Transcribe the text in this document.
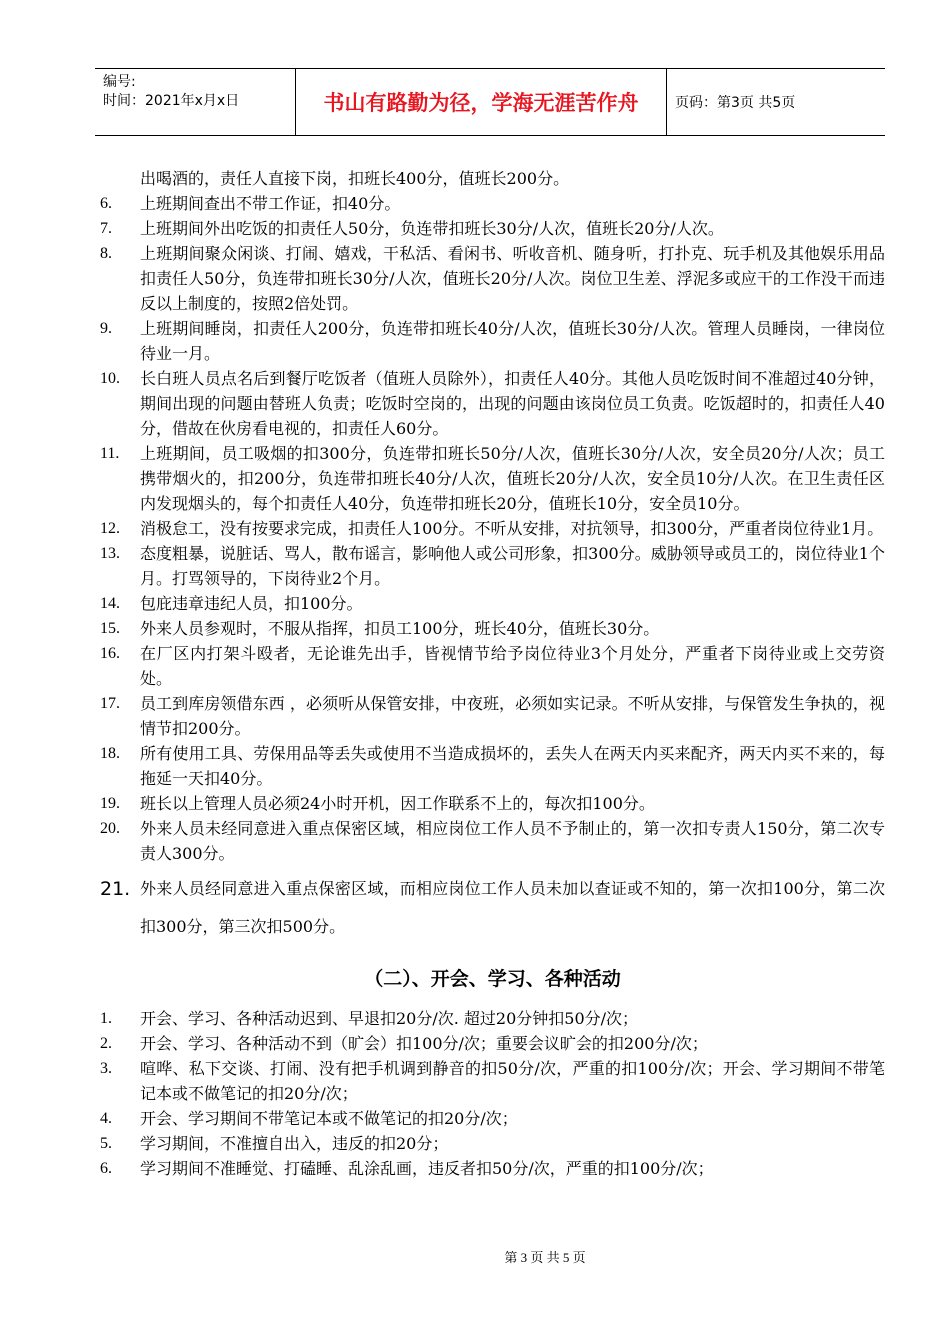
编号:
时间：2021年x月x日	书山有路勤为径，学海无涯苦作舟	页码：第3页 共5页
出喝酒的，责任人直接下岗，扣班长400分，值班长200分。
6.	上班期间查出不带工作证，扣40分。
7.	上班期间外出吃饭的扣责任人50分，负连带扣班长30分/人次，值班长20分/人次。
8.	上班期间聚众闲谈、打闹、嬉戏，干私活、看闲书、听收音机、随身听，打扑克、玩手机及其他娱乐用品扣责任人50分，负连带扣班长30分/人次，值班长20分/人次。岗位卫生差、浮泥多或应干的工作没干而违反以上制度的，按照2倍处罚。
9.	上班期间睡岗，扣责任人200分，负连带扣班长40分/人次，值班长30分/人次。管理人员睡岗，一律岗位待业一月。
10.	长白班人员点名后到餐厅吃饭者（值班人员除外），扣责任人40分。其他人员吃饭时间不准超过40分钟，期间出现的问题由替班人负责；吃饭时空岗的，出现的问题由该岗位员工负责。吃饭超时的，扣责任人40分，借故在伙房看电视的，扣责任人60分。
11.	上班期间，员工吸烟的扣300分，负连带扣班长50分/人次，值班长30分/人次，安全员20分/人次；员工携带烟火的，扣200分，负连带扣班长40分/人次，值班长20分/人次，安全员10分/人次。在卫生责任区内发现烟头的，每个扣责任人40分，负连带扣班长20分，值班长10分，安全员10分。
12.	消极怠工，没有按要求完成，扣责任人100分。不听从安排，对抗领导，扣300分，严重者岗位待业1月。
13.	态度粗暴，说脏话、骂人，散布谣言，影响他人或公司形象，扣300分。威胁领导或员工的，岗位待业1个月。打骂领导的，下岗待业2个月。
14.	包庇违章违纪人员，扣100分。
15.	外来人员参观时，不服从指挥，扣员工100分，班长40分，值班长30分。
16.	在厂区内打架斗殴者，无论谁先出手，皆视情节给予岗位待业3个月处分，严重者下岗待业或上交劳资处。
17.	员工到库房领借东西 ，必须听从保管安排，中夜班，必须如实记录。不听从安排，与保管发生争执的，视情节扣200分。
18.	所有使用工具、劳保用品等丢失或使用不当造成损坏的，丢失人在两天内买来配齐，两天内买不来的，每拖延一天扣40分。
19.	班长以上管理人员必须24小时开机，因工作联系不上的，每次扣100分。
20.	外来人员未经同意进入重点保密区域，相应岗位工作人员不予制止的，第一次扣专责人150分，第二次专责人300分。
21. 外来人员经同意进入重点保密区域，而相应岗位工作人员未加以查证或不知的，第一次扣100分，第二次扣300分，第三次扣500分。
（二）、开会、学习、各种活动
1.	开会、学习、各种活动迟到、早退扣20分/次. 超过20分钟扣50分/次；
2.	开会、学习、各种活动不到（旷会）扣100分/次；重要会议旷会的扣200分/次；
3.	喧哗、私下交谈、打闹、没有把手机调到静音的扣50分/次，严重的扣100分/次；开会、学习期间不带笔记本或不做笔记的扣20分/次；
4.	开会、学习期间不带笔记本或不做笔记的扣20分/次；
5.	学习期间，不准擅自出入，违反的扣20分；
6.	学习期间不准睡觉、打磕睡、乱涂乱画，违反者扣50分/次，严重的扣100分/次；
第 3 页 共 5 页
